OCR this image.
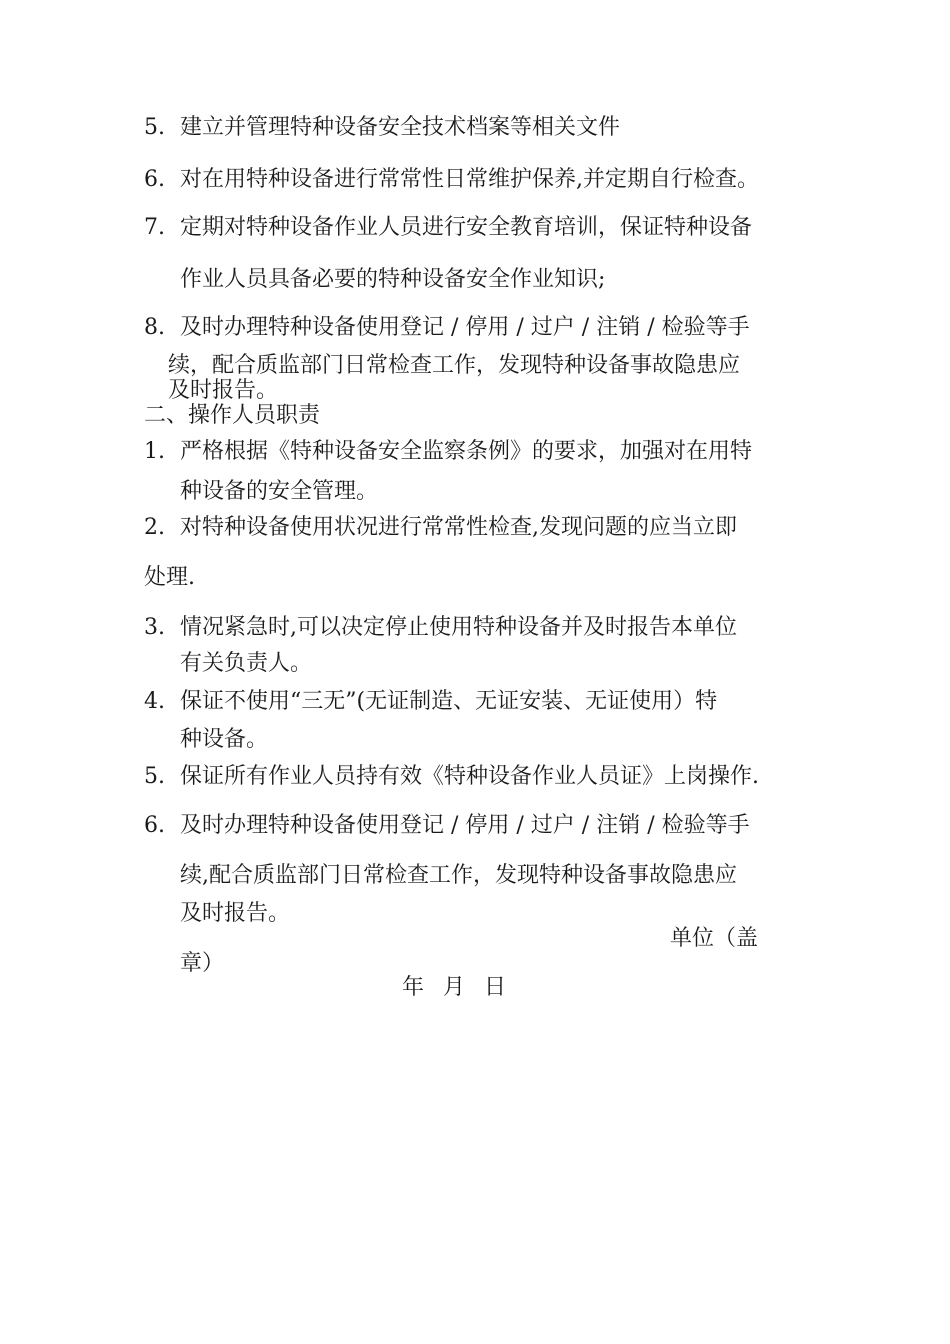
5. 建立并管理特种设备安全技术档案等相关文件
6. 对在用特种设备进行常常性日常维护保养,并定期自行检查。
7. 定期对特种设备作业人员进行安全教育培训，保证特种设备
作业人员具备必要的特种设备安全作业知识;
8. 及时办理特种设备使用登记 / 停用 / 过户 / 注销 / 检验等手
续，配合质监部门日常检查工作，发现特种设备事故隐患应
及时报告。
二、操作人员职责
1. 严格根据《特种设备安全监察条例》的要求，加强对在用特
种设备的安全管理。
2. 对特种设备使用状况进行常常性检查,发现问题的应当立即
处理.
3. 情况紧急时,可以决定停止使用特种设备并及时报告本单位
有关负责人。
4. 保证不使用“三无”(无证制造、无证安装、无证使用）特
种设备。
5. 保证所有作业人员持有效《特种设备作业人员证》上岗操作.
6. 及时办理特种设备使用登记 / 停用 / 过户 / 注销 / 检验等手
续,配合质监部门日常检查工作，发现特种设备事故隐患应
及时报告。
单位（盖
章）
年 月 日
